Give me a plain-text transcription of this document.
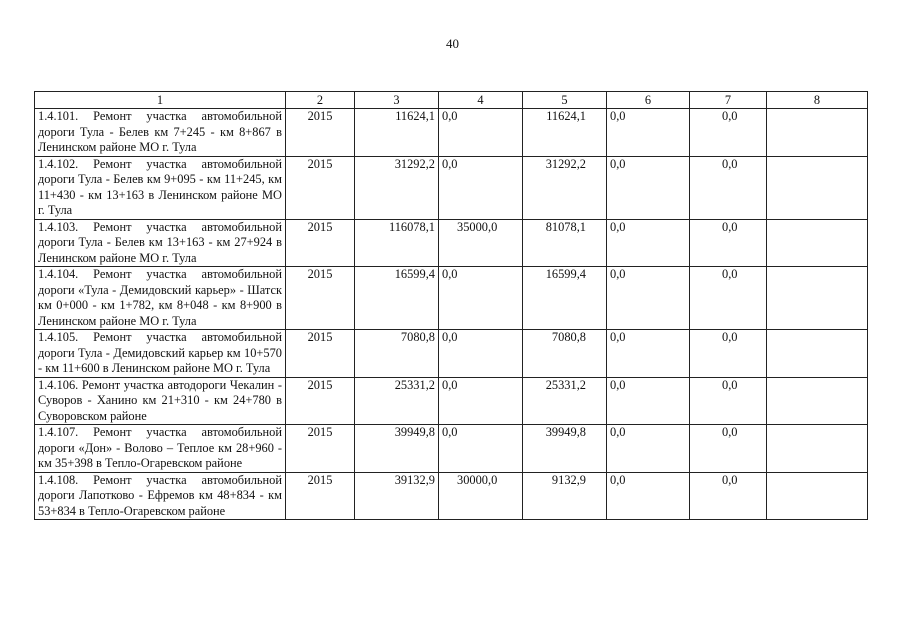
40
1	2	3	4	5	6	7	8
1.4.101. Ремонт участка автомобильной дороги Тула - Белев км 7+245 - км 8+867 в Ленинском районе МО г. Тула	2015	11624,1	0,0	11624,1	0,0	0,0	
1.4.102. Ремонт участка автомобильной дороги Тула - Белев км 9+095 - км 11+245, км 11+430 - км 13+163 в Ленинском районе МО г. Тула	2015	31292,2	0,0	31292,2	0,0	0,0	
1.4.103. Ремонт участка автомобильной дороги Тула - Белев км 13+163 - км 27+924 в Ленинском районе МО г. Тула	2015	116078,1	35000,0	81078,1	0,0	0,0	
1.4.104. Ремонт участка автомобильной дороги «Тула - Демидовский карьер» - Шатск км 0+000 - км 1+782, км 8+048 - км 8+900 в Ленинском районе МО г. Тула	2015	16599,4	0,0	16599,4	0,0	0,0	
1.4.105. Ремонт участка автомобильной дороги Тула - Демидовский карьер км 10+570 - км 11+600 в Ленинском районе МО г. Тула	2015	7080,8	0,0	7080,8	0,0	0,0	
1.4.106. Ремонт участка автодороги Чекалин - Суворов - Ханино км 21+310 - км 24+780 в Суворовском районе	2015	25331,2	0,0	25331,2	0,0	0,0	
1.4.107. Ремонт участка автомобильной дороги «Дон» - Волово – Теплое км 28+960 - км 35+398 в Тепло-Огаревском районе	2015	39949,8	0,0	39949,8	0,0	0,0	
1.4.108. Ремонт участка автомобильной дороги Лапотково - Ефремов км 48+834 - км 53+834 в Тепло-Огаревском районе	2015	39132,9	30000,0	9132,9	0,0	0,0	
